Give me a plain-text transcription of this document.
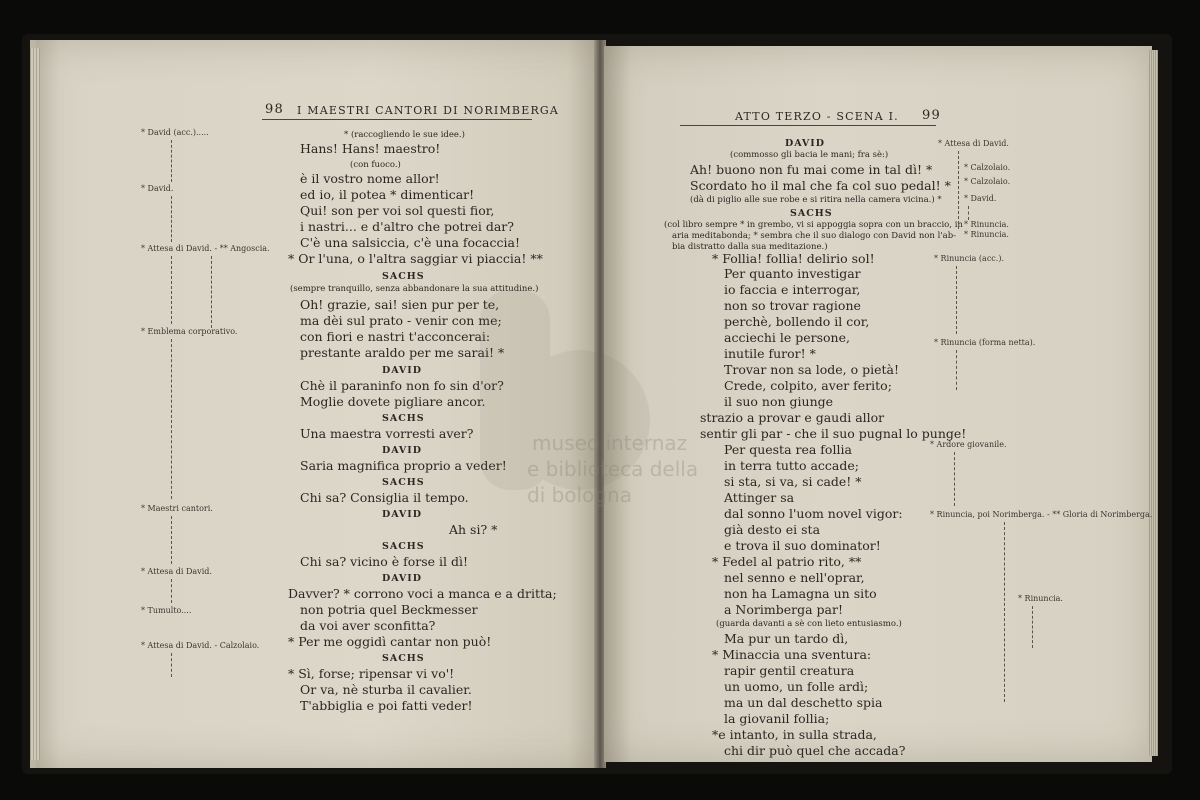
98 I MAESTRI CANTORI DI NORIMBERGA
* David (acc.).....
* David.
* Attesa di David. - ** Angoscia.
* Emblema corporativo.
* Maestri cantori.
* Attesa di David.
* Tumulto....
* Attesa di David. - Calzolaio.
* (raccogliendo le sue idee.)
Hans! Hans! maestro!
(con fuoco.)
è il vostro nome allor!
ed io, il potea * dimenticar!
Qui! son per voi sol questi fior,
i nastri... e d'altro che potrei dar?
C'è una salsiccia, c'è una focaccia!
* Or l'una, o l'altra saggiar vi piaccia! **
SACHS
(sempre tranquillo, senza abbandonare la sua attitudine.)
Oh! grazie, sai! sien pur per te,
ma dèi sul prato - venir con me;
con fiori e nastri t'acconcerai:
prestante araldo per me sarai! *
DAVID
Chè il paraninfo non fo sin d'or?
Moglie dovete pigliare ancor.
SACHS
Una maestra vorresti aver?
DAVID
Saria magnifica proprio a veder!
SACHS
Chi sa? Consiglia il tempo.
DAVID
Ah si? *
SACHS
Chi sa? vicino è forse il dì!
DAVID
Davver? * corrono voci a manca e a dritta;
non potria quel Beckmesser
da voi aver sconfitta?
* Per me oggidì cantar non può!
SACHS
* Sì, forse; ripensar vi vo'!
Or va, nè sturba il cavalier.
T'abbiglia e poi fatti veder!
ATTO TERZO - SCENA I. 99
DAVID
(commosso gli bacia le mani; fra sè:)
Ah! buono non fu mai come in tal dì! *
Scordato ho il mal che fa col suo pedal! *
(dà di piglio alle sue robe e si ritira nella camera vicina.) *
SACHS
(col libro sempre * in grembo, vi si appoggia sopra con un braccio, in
aria meditabonda; * sembra che il suo dialogo con David non l'ab-
bia distratto dalla sua meditazione.)
* Follia! follia! delirio sol!
Per quanto investigar
io faccia e interrogar,
non so trovar ragione
perchè, bollendo il cor,
acciechi le persone,
inutile furor! *
Trovar non sa lode, o pietà!
Crede, colpito, aver ferito;
il suo non giunge
strazio a provar e gaudi allor
sentir gli par - che il suo pugnal lo punge!
Per questa rea follia
in terra tutto accade;
si sta, si va, si cade! *
Attinger sa
dal sonno l'uom novel vigor:
già desto ei sta
e trova il suo dominator!
* Fedel al patrio rito, **
nel senno e nell'oprar,
non ha Lamagna un sito
a Norimberga par!
(guarda davanti a sè con lieto entusiasmo.)
Ma pur un tardo dì,
* Minaccia una sventura:
rapir gentil creatura
un uomo, un folle ardì;
ma un dal deschetto spia
la giovanil follia;
*e intanto, in sulla strada,
chi dir può quel che accada?
* Attesa di David.
* Calzolaio.
* Calzolaio.
* David.
* Rinuncia.
* Rinuncia.
* Rinuncia (acc.).
* Rinuncia (forma netta).
* Ardore giovanile.
* Rinuncia, poi Norimberga. - ** Gloria di Norimberga.
* Rinuncia.
museo internaz
e biblioteca della
di bologna
